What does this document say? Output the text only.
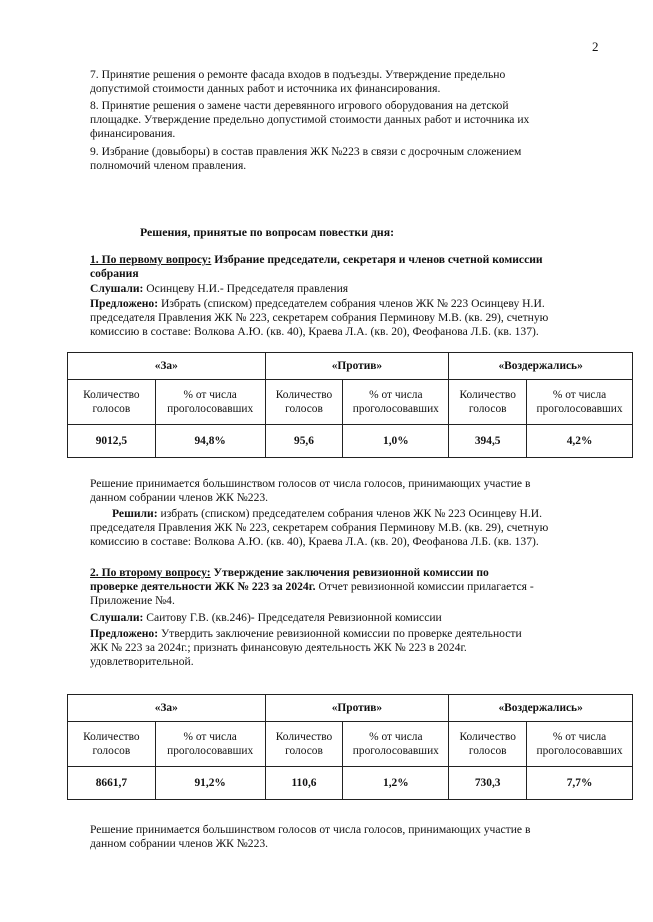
2
7. Принятие решения о ремонте фасада входов в подъезды. Утверждение предельно
допустимой стоимости данных работ и источника их финансирования.
8. Принятие решения о замене части деревянного игрового оборудования на детской
площадке. Утверждение предельно допустимой стоимости данных работ и источника их
финансирования.
9. Избрание (довыборы) в состав правления ЖК №223 в связи с досрочным сложением
полномочий членом правления.
Решения, принятые по вопросам повестки дня:
1. По первому вопросу: Избрание председатели, секретаря и членов счетной комиссии
собрания
Слушали: Осинцеву Н.И.- Председателя правления
Предложено: Избрать (списком) председателем собрания членов ЖК № 223 Осинцеву Н.И.
председателя Правления ЖК № 223, секретарем собрания Перминову М.В. (кв. 29), счетную
комиссию в составе: Волкова А.Ю. (кв. 40), Краева Л.А. (кв. 20), Феофанова Л.Б. (кв. 137).
«За»		«Против»		«Воздержались»	
Количество голосов	% от числа проголосовавших	Количество голосов	% от числа проголосовавших	Количество голосов	% от числа проголосовавших
9012,5	94,8%	95,6	1,0%	394,5	4,2%
Решение принимается большинством голосов от числа голосов, принимающих участие в
данном собрании членов ЖК №223.
Решили: избрать (списком) председателем собрания членов ЖК № 223 Осинцеву Н.И.
председателя Правления ЖК № 223, секретарем собрания Перминову М.В. (кв. 29), счетную
комиссию в составе: Волкова А.Ю. (кв. 40), Краева Л.А. (кв. 20), Феофанова Л.Б. (кв. 137).
2. По второму вопросу: Утверждение заключения ревизионной комиссии по
проверке деятельности ЖК № 223 за 2024г. Отчет ревизионной комиссии прилагается -
Приложение №4.
Слушали: Саитову Г.В. (кв.246)- Председателя Ревизионной комиссии
Предложено: Утвердить заключение ревизионной комиссии по проверке деятельности
ЖК № 223 за 2024г.; признать финансовую деятельность ЖК № 223 в 2024г.
удовлетворительной.
«За»		«Против»		«Воздержались»	
Количество голосов	% от числа проголосовавших	Количество голосов	% от числа проголосовавших	Количество голосов	% от числа проголосовавших
8661,7	91,2%	110,6	1,2%	730,3	7,7%
Решение принимается большинством голосов от числа голосов, принимающих участие в
данном собрании членов ЖК №223.
